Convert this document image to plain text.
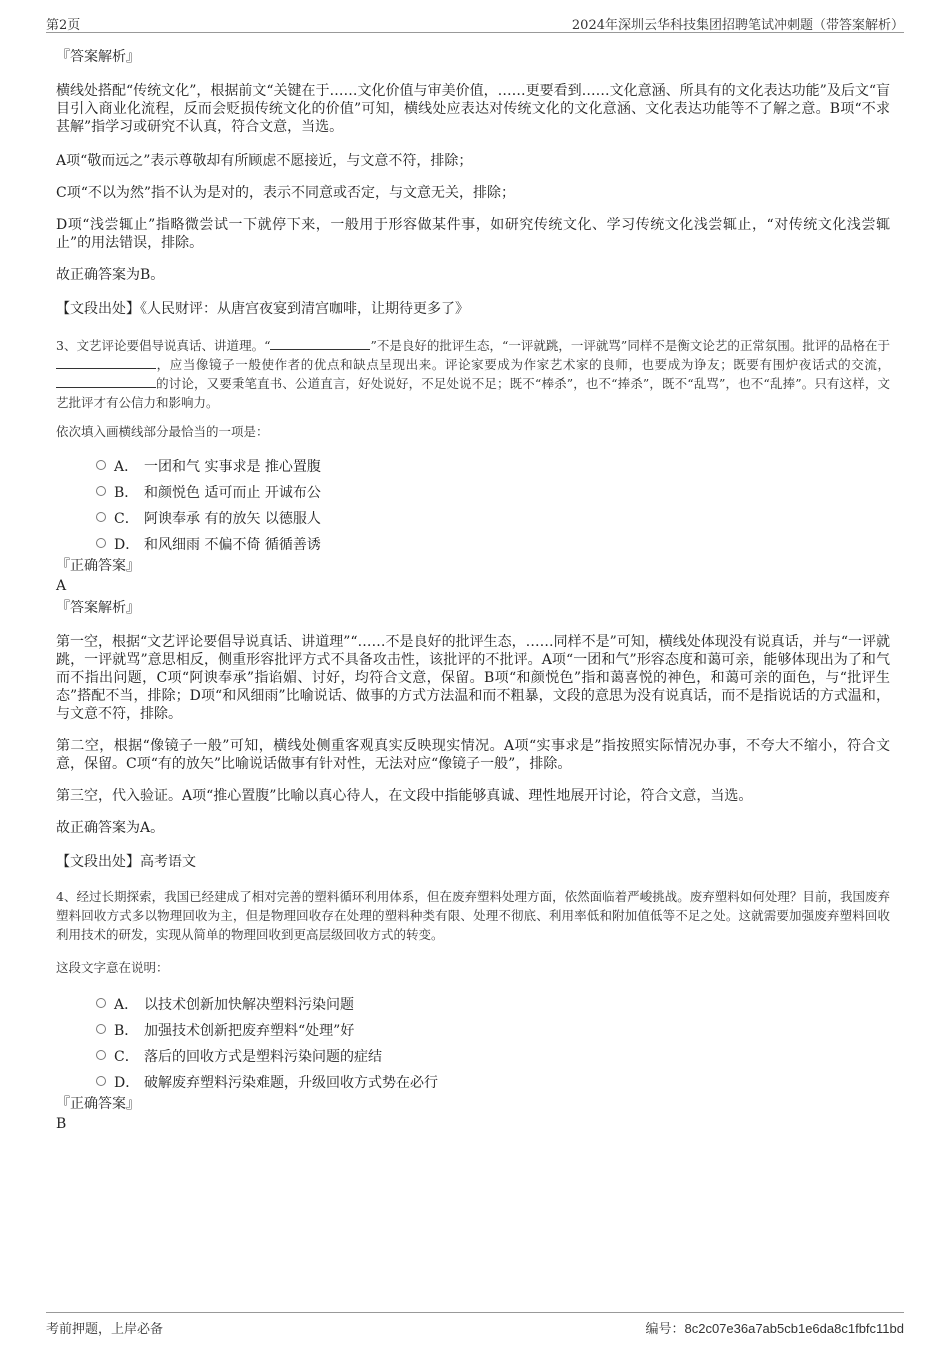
第2页	2024年深圳云华科技集团招聘笔试冲刺题（带答案解析）

『答案解析』

横线处搭配“传统文化”，根据前文“关键在于……文化价值与审美价值，……更要看到……文化意涵、所具有的文化表达功能”及后文“盲目引入商业化流程，反而会贬损传统文化的价值”可知，横线处应表达对传统文化的文化意涵、文化表达功能等不了解之意。B项“不求甚解”指学习或研究不认真，符合文意，当选。

A项“敬而远之”表示尊敬却有所顾虑不愿接近，与文意不符，排除；

C项“不以为然”指不认为是对的，表示不同意或否定，与文意无关，排除；

D项“浅尝辄止”指略微尝试一下就停下来，一般用于形容做某件事，如研究传统文化、学习传统文化浅尝辄止，“对传统文化浅尝辄止”的用法错误，排除。

故正确答案为B。

【文段出处】《人民财评：从唐宫夜宴到清宫咖啡，让期待更多了》

3、文艺评论要倡导说真话、讲道理。“	”不是良好的批评生态，“一评就跳，一评就骂”同样不是衡文论艺的正常氛围。批评的品格在于 ，应当像镜子一般使作者的优点和缺点呈现出来。评论家要成为作家艺术家的良师，也要成为诤友；既要有围炉夜话式的交流， 的讨论，又要秉笔直书、公道直言，好处说好，不足处说不足；既不“棒杀”，也不“捧杀”，既不“乱骂”，也不“乱捧”。只有这样，文艺批评才有公信力和影响力。

依次填入画横线部分最恰当的一项是：

A． 一团和气 实事求是 推心置腹
B． 和颜悦色 适可而止 开诚布公
C． 阿谀奉承 有的放矢 以德服人
D． 和风细雨 不偏不倚 循循善诱

『正确答案』

A

『答案解析』

第一空，根据“文艺评论要倡导说真话、讲道理”“……不是良好的批评生态，……同样不是”可知，横线处体现没有说真话，并与“一评就跳，一评就骂”意思相反，侧重形容批评方式不具备攻击性，该批评的不批评。A项“一团和气”形容态度和蔼可亲，能够体现出为了和气而不指出问题，C项“阿谀奉承”指谄媚、讨好，均符合文意，保留。B项“和颜悦色”指和蔼喜悦的神色，和蔼可亲的面色，与“批评生态”搭配不当，排除；D项“和风细雨”比喻说话、做事的方式方法温和而不粗暴，文段的意思为没有说真话，而不是指说话的方式温和，与文意不符，排除。

第二空，根据“像镜子一般”可知，横线处侧重客观真实反映现实情况。A项“实事求是”指按照实际情况办事，不夸大不缩小，符合文意，保留。C项“有的放矢”比喻说话做事有针对性，无法对应“像镜子一般”，排除。

第三空，代入验证。A项“推心置腹”比喻以真心待人，在文段中指能够真诚、理性地展开讨论，符合文意，当选。

故正确答案为A。

【文段出处】高考语文

4、经过长期探索，我国已经建成了相对完善的塑料循环利用体系，但在废弃塑料处理方面，依然面临着严峻挑战。废弃塑料如何处理？目前，我国废弃塑料回收方式多以物理回收为主，但是物理回收存在处理的塑料种类有限、处理不彻底、利用率低和附加值低等不足之处。这就需要加强废弃塑料回收利用技术的研发，实现从简单的物理回收到更高层级回收方式的转变。

这段文字意在说明：

A． 以技术创新加快解决塑料污染问题
B． 加强技术创新把废弃塑料“处理”好
C． 落后的回收方式是塑料污染问题的症结
D． 破解废弃塑料污染难题，升级回收方式势在必行

『正确答案』

B

考前押题，上岸必备	编号：8c2c07e36a7ab5cb1e6da8c1fbfc11bd
